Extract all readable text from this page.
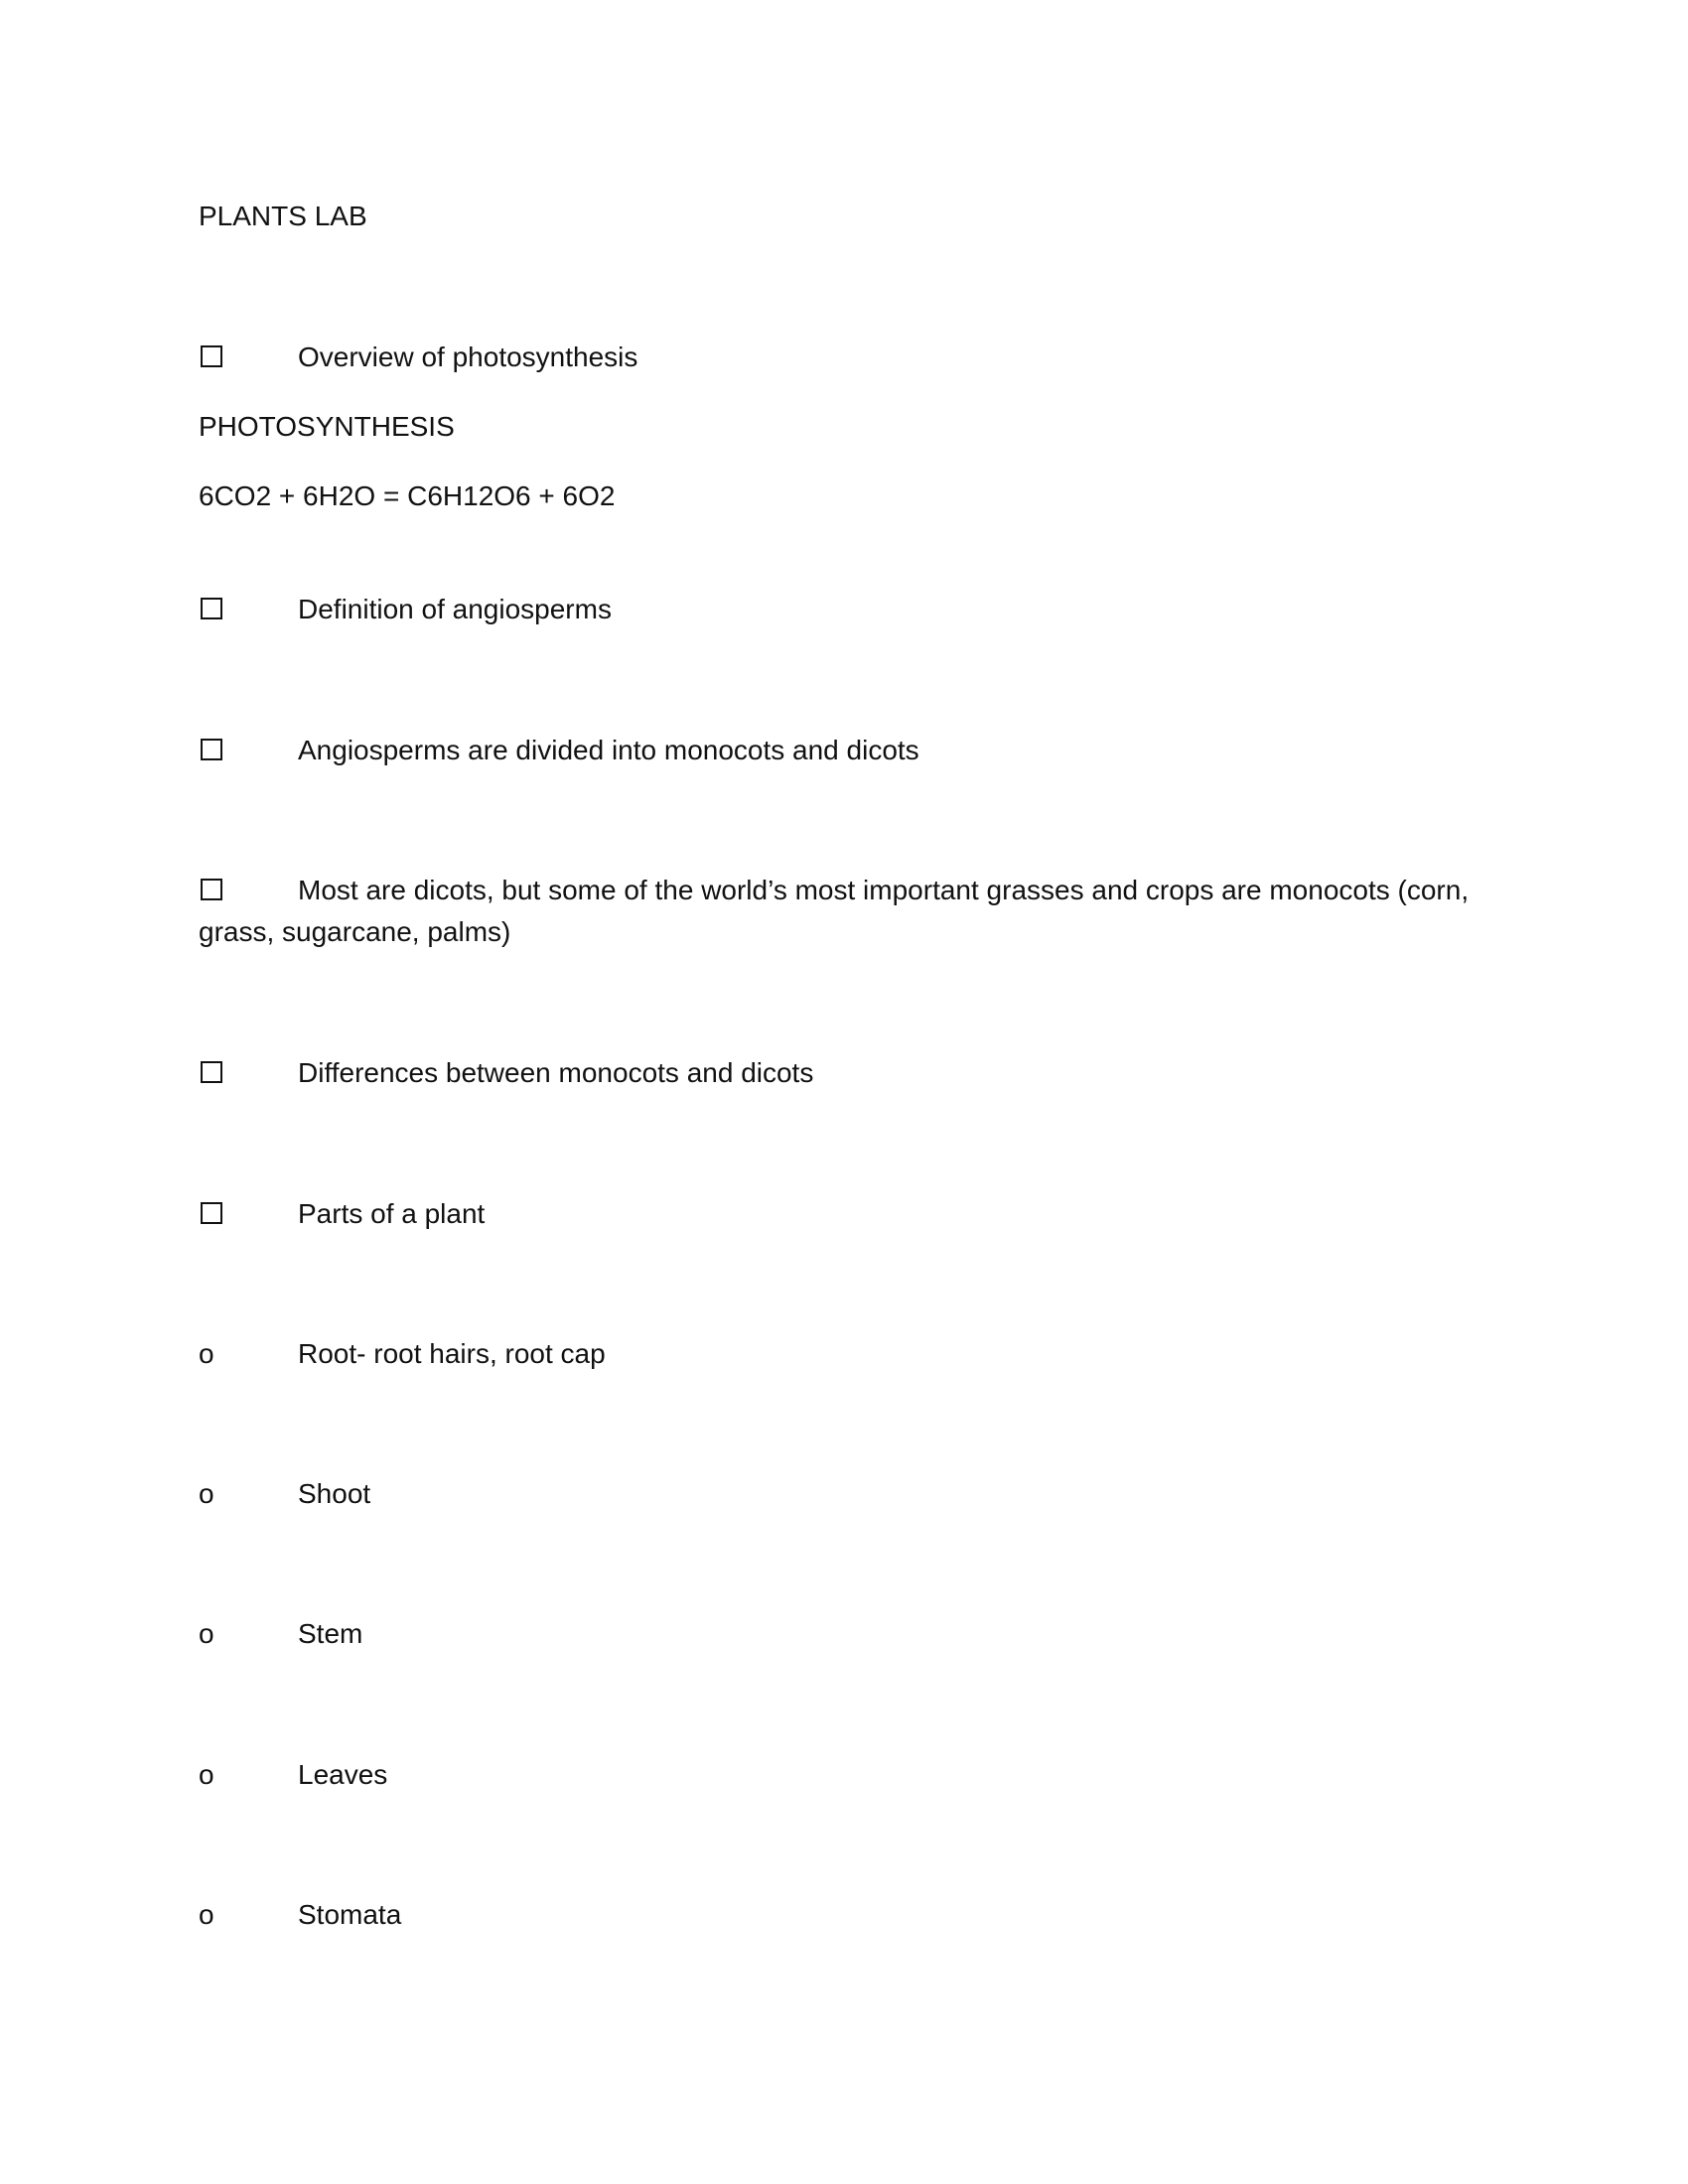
PLANTS LAB
Overview of photosynthesis
PHOTOSYNTHESIS
6CO2 + 6H2O = C6H12O6 + 6O2
Definition of angiosperms
Angiosperms are divided into monocots and dicots
Most are dicots, but some of the world’s most important grasses and crops are monocots (corn, grass, sugarcane, palms)
Differences between monocots and dicots
Parts of a plant
o	Root- root hairs, root cap
o	Shoot
o	Stem
o	Leaves
o	Stomata
